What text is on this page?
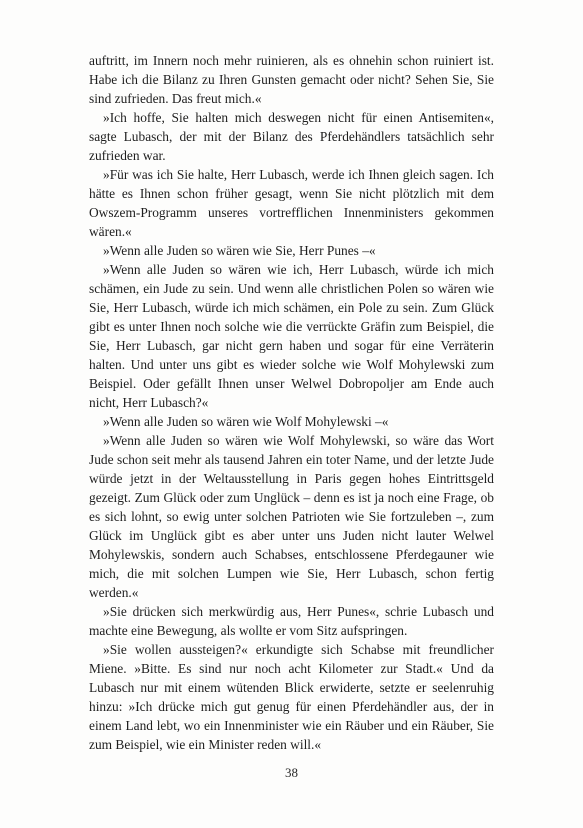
auftritt, im Innern noch mehr ruinieren, als es ohnehin schon ruiniert ist. Habe ich die Bilanz zu Ihren Gunsten gemacht oder nicht? Sehen Sie, Sie sind zufrieden. Das freut mich.«

»Ich hoffe, Sie halten mich deswegen nicht für einen Antisemiten«, sagte Lubasch, der mit der Bilanz des Pferdehändlers tatsächlich sehr zufrieden war.

»Für was ich Sie halte, Herr Lubasch, werde ich Ihnen gleich sagen. Ich hätte es Ihnen schon früher gesagt, wenn Sie nicht plötzlich mit dem Owszem-Programm unseres vortrefflichen Innenministers gekommen wären.«

»Wenn alle Juden so wären wie Sie, Herr Punes –«

»Wenn alle Juden so wären wie ich, Herr Lubasch, würde ich mich schämen, ein Jude zu sein. Und wenn alle christlichen Polen so wären wie Sie, Herr Lubasch, würde ich mich schämen, ein Pole zu sein. Zum Glück gibt es unter Ihnen noch solche wie die verrückte Gräfin zum Beispiel, die Sie, Herr Lubasch, gar nicht gern haben und sogar für eine Verräterin halten. Und unter uns gibt es wieder solche wie Wolf Mohylewski zum Beispiel. Oder gefällt Ihnen unser Welwel Dobropoljer am Ende auch nicht, Herr Lubasch?«

»Wenn alle Juden so wären wie Wolf Mohylewski –«

»Wenn alle Juden so wären wie Wolf Mohylewski, so wäre das Wort Jude schon seit mehr als tausend Jahren ein toter Name, und der letzte Jude würde jetzt in der Weltausstellung in Paris gegen hohes Eintrittsgeld gezeigt. Zum Glück oder zum Unglück – denn es ist ja noch eine Frage, ob es sich lohnt, so ewig unter solchen Patrioten wie Sie fortzuleben –, zum Glück im Unglück gibt es aber unter uns Juden nicht lauter Welwel Mohylewskis, sondern auch Schabses, entschlossene Pferdegauner wie mich, die mit solchen Lumpen wie Sie, Herr Lubasch, schon fertig werden.«

»Sie drücken sich merkwürdig aus, Herr Punes«, schrie Lubasch und machte eine Bewegung, als wollte er vom Sitz aufspringen.

»Sie wollen aussteigen?« erkundigte sich Schabse mit freundlicher Miene. »Bitte. Es sind nur noch acht Kilometer zur Stadt.« Und da Lubasch nur mit einem wütenden Blick erwiderte, setzte er seelenruhig hinzu: »Ich drücke mich gut genug für einen Pferdehändler aus, der in einem Land lebt, wo ein Innenminister wie ein Räuber und ein Räuber, Sie zum Beispiel, wie ein Minister reden will.«

38
